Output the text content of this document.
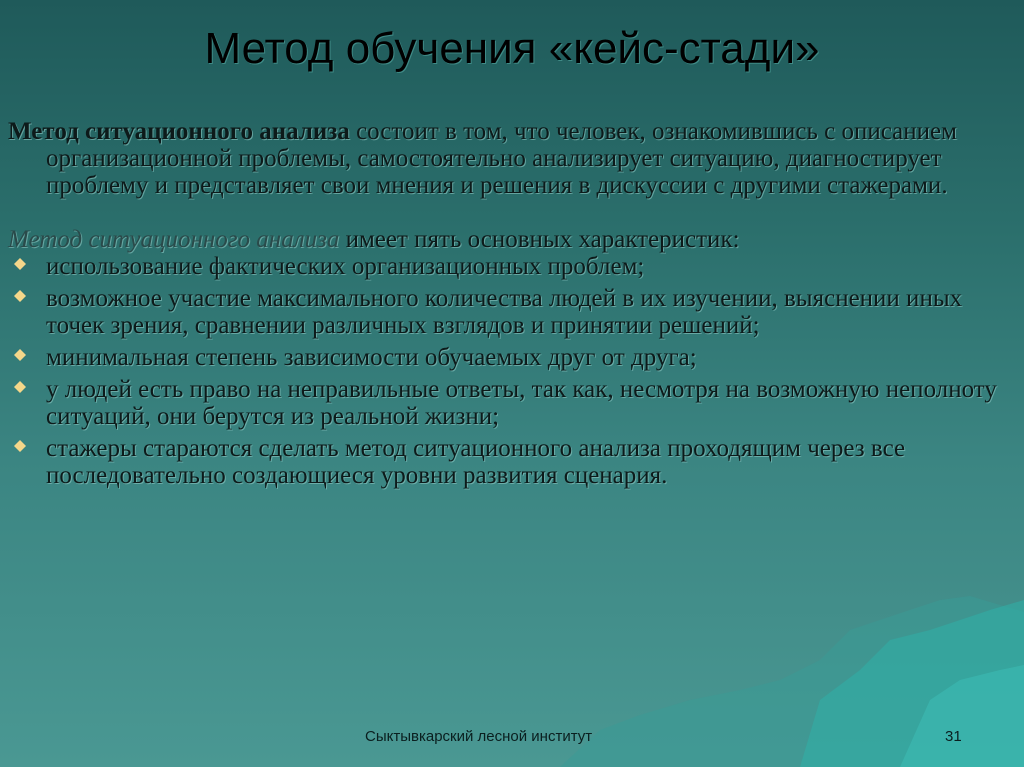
Метод обучения «кейс-стади»
Метод ситуационного анализа состоит в том, что человек, ознакомившись с описанием организационной проблемы, самостоятельно анализирует ситуацию, диагностирует проблему и представляет свои мнения и решения в дискуссии с другими стажерами.
Метод ситуационного анализа имеет пять основных характеристик:
использование фактических организационных проблем;
возможное участие максимального количества людей в их изучении, выяснении иных точек зрения, сравнении различных взглядов и принятии решений;
минимальная степень зависимости обучаемых друг от друга;
у людей есть право на неправильные ответы, так как, несмотря на возможную неполноту ситуаций, они берутся из реальной жизни;
стажеры стараются сделать метод ситуационного анализа проходящим через все последовательно создающиеся уровни развития сценария.
Сыктывкарский лесной институт	31
